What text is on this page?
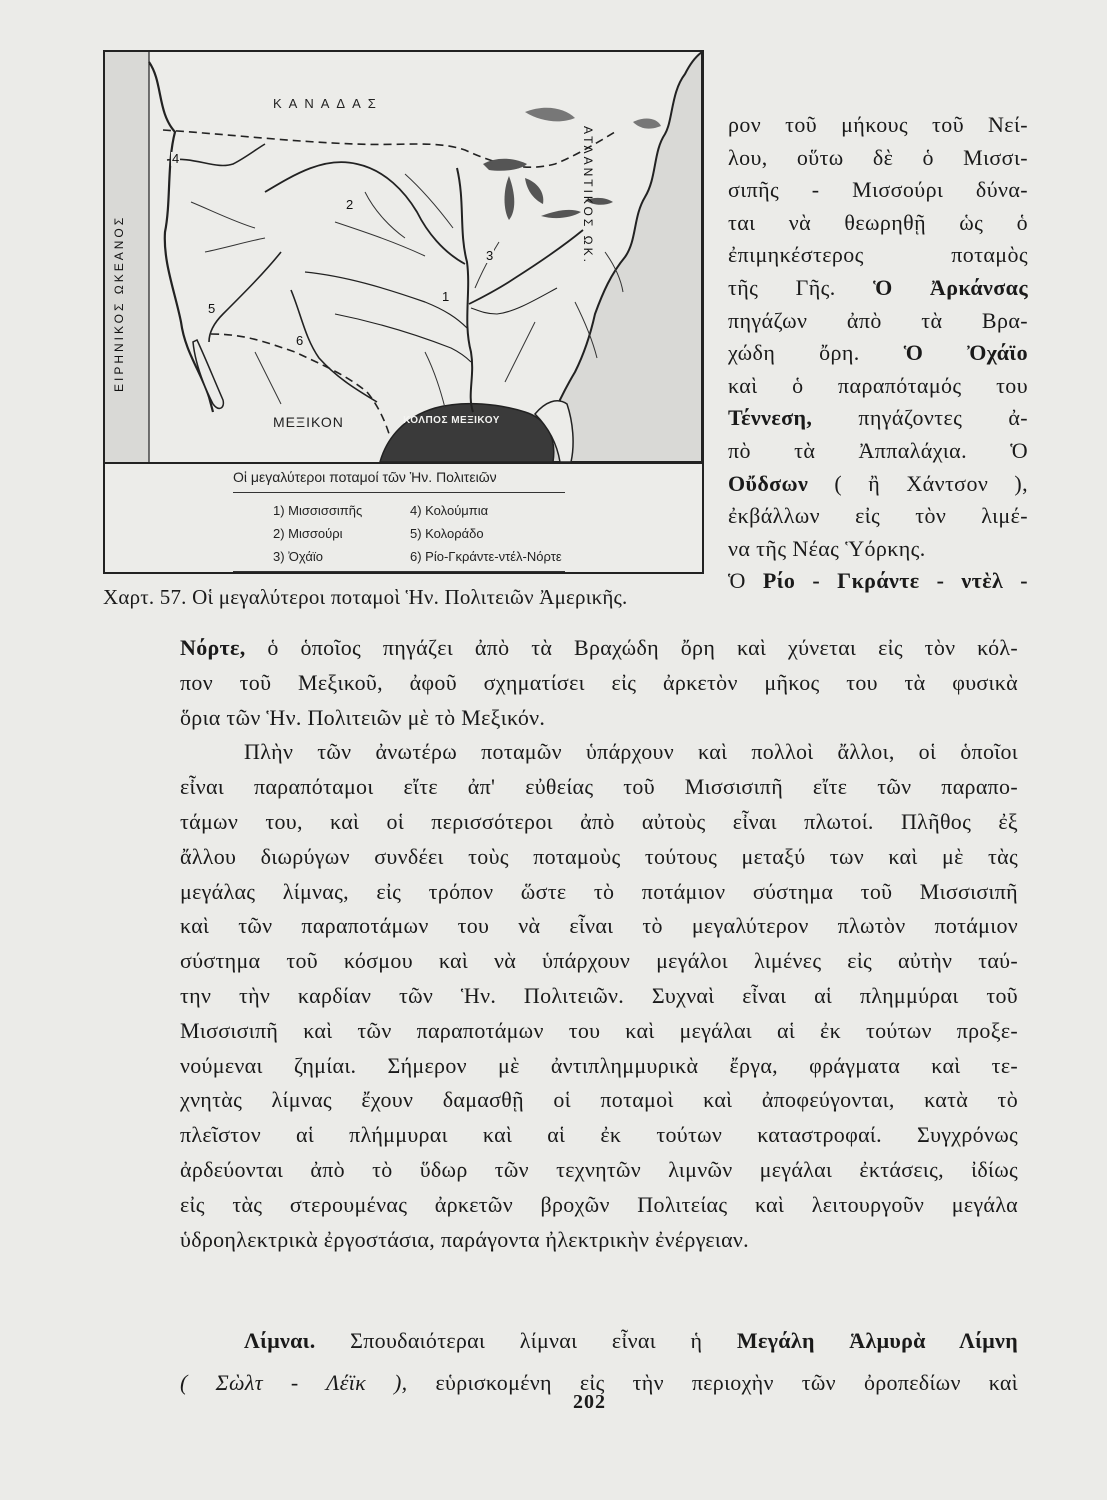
ΚΑΝΑΔΑΣ
ΜΕΞΙΚΟΝ	ΚΟΛΠΟΣ ΜΕΞΙΚΟΥ
ΕΙΡΗΝΙΚΟΣ ΩΚΕΑΝΟΣ
ΑΤΛΑΝΤΙΚΟΣ ΩΚ.
1
2
3
4
5
6
Οἱ μεγαλύτεροι ποταμοί τῶν Ἡν. Πολιτειῶν
1) Μισσισσιπῆς	4) Κολούμπια
2) Μισσούρι	5) Κολοράδο
3) Ὀχάϊο	6) Ρίο-Γκράντε-ντέλ-Νόρτε
Χαρτ. 57. Οἱ μεγαλύτεροι ποταμοὶ Ἡν. Πολιτειῶν Ἀμερικῆς.
ρον τοῦ μήκους τοῦ Νεί-
λου, οὕτω δὲ ὁ Μισσι-
σιπῆς - Μισσούρι δύνα-
ται νὰ θεωρηθῇ ὡς ὁ
ἐπιμηκέστερος ποταμὸς
τῆς Γῆς. Ὁ Ἀρκάνσας
πηγάζων ἀπὸ τὰ Βρα-
χώδη ὄρη. Ὁ Ὀχάϊο
καὶ ὁ παραπόταμός του
Τέννεση, πηγάζοντες ἀ-
πὸ τὰ Ἀππαλάχια. Ὁ
Οὔδσων ( ἢ Χάντσον ),
ἐκβάλλων εἰς τὸν λιμέ-
να τῆς Νέας Ὑόρκης.
Ὁ Ρίο - Γκράντε - ντὲλ -
Νόρτε, ὁ ὁποῖος πηγάζει ἀπὸ τὰ Βραχώδη ὄρη καὶ χύνεται εἰς τὸν κόλ-
πον τοῦ Μεξικοῦ, ἀφοῦ σχηματίσει εἰς ἀρκετὸν μῆκος του τὰ φυσικὰ
ὅρια τῶν Ἡν. Πολιτειῶν μὲ τὸ Μεξικόν.
Πλὴν τῶν ἀνωτέρω ποταμῶν ὑπάρχουν καὶ πολλοὶ ἄλλοι, οἱ ὁποῖοι
εἶναι παραπόταμοι εἴτε ἀπ' εὐθείας τοῦ Μισσισιπῆ εἴτε τῶν παραπο-
τάμων του, καὶ οἱ περισσότεροι ἀπὸ αὐτοὺς εἶναι πλωτοί. Πλῆθος ἐξ
ἄλλου διωρύγων συνδέει τοὺς ποταμοὺς τούτους μεταξύ των καὶ μὲ τὰς
μεγάλας λίμνας, εἰς τρόπον ὥστε τὸ ποτάμιον σύστημα τοῦ Μισσισιπῆ
καὶ τῶν παραποτάμων του νὰ εἶναι τὸ μεγαλύτερον πλωτὸν ποτάμιον
σύστημα τοῦ κόσμου καὶ νὰ ὑπάρχουν μεγάλοι λιμένες εἰς αὐτὴν ταύ-
την τὴν καρδίαν τῶν Ἡν. Πολιτειῶν. Συχναὶ εἶναι αἱ πλημμύραι τοῦ
Μισσισιπῆ καὶ τῶν παραποτάμων του καὶ μεγάλαι αἱ ἐκ τούτων προξε-
νούμεναι ζημίαι. Σήμερον μὲ ἀντιπλημμυρικὰ ἔργα, φράγματα καὶ τε-
χνητὰς λίμνας ἔχουν δαμασθῇ οἱ ποταμοὶ καὶ ἀποφεύγονται, κατὰ τὸ
πλεῖστον αἱ πλήμμυραι καὶ αἱ ἐκ τούτων καταστροφαί. Συγχρόνως
ἀρδεύονται ἀπὸ τὸ ὕδωρ τῶν τεχνητῶν λιμνῶν μεγάλαι ἐκτάσεις, ἰδίως
εἰς τὰς στερουμένας ἀρκετῶν βροχῶν Πολιτείας καὶ λειτουργοῦν μεγάλα
ὑδροηλεκτρικὰ ἐργοστάσια, παράγοντα ἠλεκτρικὴν ἐνέργειαν.
Λίμναι. Σπουδαιότεραι λίμναι εἶναι ἡ Μεγάλη Ἁλμυρὰ Λίμνη
( Σὼλτ - Λέϊκ ), εὑρισκομένη εἰς τὴν περιοχὴν τῶν ὀροπεδίων καὶ
202
